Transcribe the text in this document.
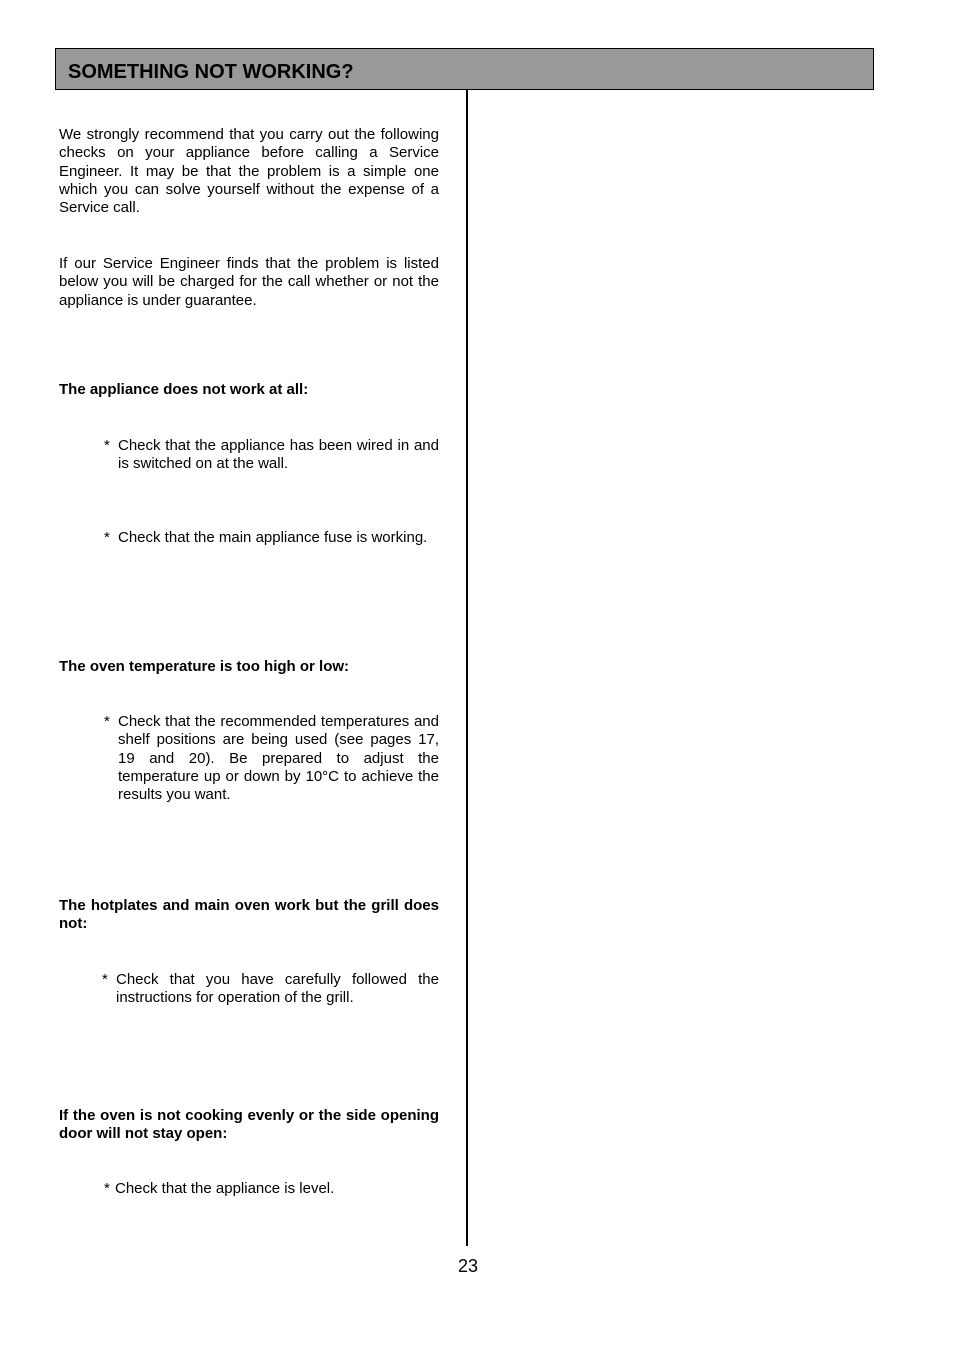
SOMETHING NOT WORKING?

We strongly recommend that you carry out the following checks on your appliance before calling a Service Engineer. It may be that the problem is a simple one which you can solve yourself without the expense of a Service call.

If our Service Engineer finds that the problem is listed below you will be charged for the call whether or not the appliance is under guarantee.

The appliance does not work at all:

* Check that the appliance has been wired in and is switched on at the wall.
* Check that the main appliance fuse is working.

The oven temperature is too high or low:

* Check that the recommended temperatures and shelf positions are being used (see pages 17, 19 and 20). Be prepared to adjust the temperature up or down by 10°C to achieve the results you want.

The hotplates and main oven work but the grill does not:

* Check that you have carefully followed the instructions for operation of the grill.

If the oven is not cooking evenly or the side opening door will not stay open:

* Check that the appliance is level.
23
